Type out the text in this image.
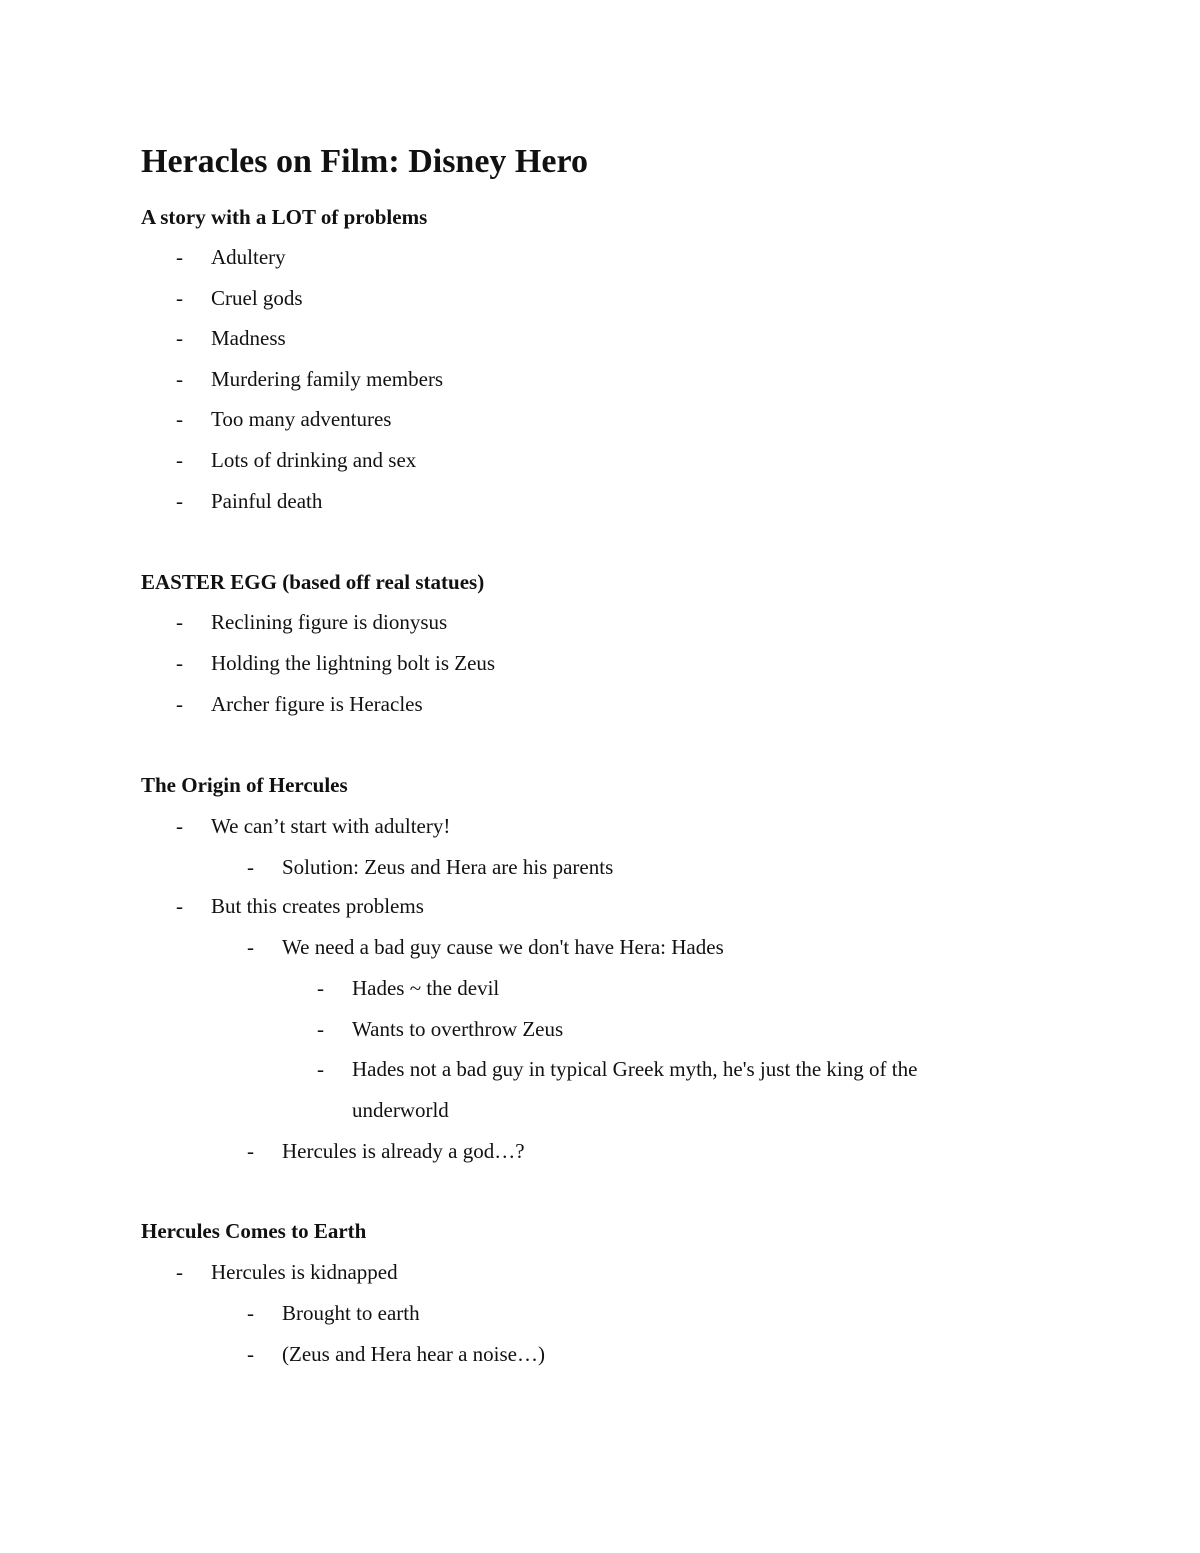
Heracles on Film: Disney Hero
A story with a LOT of problems
- Adultery
- Cruel gods
- Madness
- Murdering family members
- Too many adventures
- Lots of drinking and sex
- Painful death
EASTER EGG (based off real statues)
- Reclining figure is dionysus
- Holding the lightning bolt is Zeus
- Archer figure is Heracles
The Origin of Hercules
- We can’t start with adultery!
- Solution: Zeus and Hera are his parents
- But this creates problems
- We need a bad guy cause we don't have Hera: Hades
- Hades ~ the devil
- Wants to overthrow Zeus
- Hades not a bad guy in typical Greek myth, he's just the king of the
underworld
- Hercules is already a god…?
Hercules Comes to Earth
- Hercules is kidnapped
- Brought to earth
- (Zeus and Hera hear a noise…)
